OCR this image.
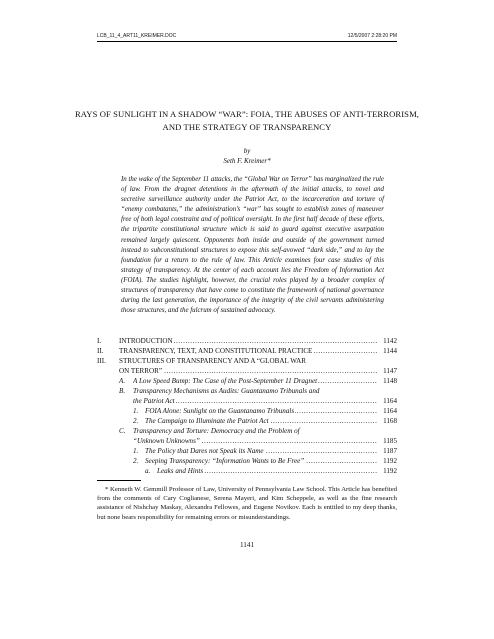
LCB_11_4_ART11_KREIMER.DOC	12/5/2007 2:28:20 PM
RAYS OF SUNLIGHT IN A SHADOW “WAR”: FOIA, THE ABUSES OF ANTI-TERRORISM, AND THE STRATEGY OF TRANSPARENCY
by
Seth F. Kreimer*

In the wake of the September 11 attacks, the “Global War on Terror” has marginalized the rule of law. From the dragnet detentions in the aftermath of the initial attacks, to novel and secretive surveillance authority under the Patriot Act, to the incarceration and torture of “enemy combatants,” the administration’s “war” has sought to establish zones of maneuver free of both legal constraint and of political oversight. In the first half decade of these efforts, the tripartite constitutional structure which is said to guard against executive usurpation remained largely quiescent. Opponents both inside and outside of the government turned instead to subconstitutional structures to expose this self-avowed “dark side,” and to lay the foundation for a return to the rule of law. This Article examines four case studies of this strategy of transparency. At the center of each account lies the Freedom of Information Act (FOIA). The studies highlight, however, the crucial roles played by a broader complex of structures of transparency that have come to constitute the framework of national governance during the last generation, the importance of the integrity of the civil servants administering those structures, and the fulcrum of sustained advocacy.

I.	INTRODUCTION .....	1142
II. TRANSPARENCY, TEXT, AND CONSTITUTIONAL PRACTICE .....	1144
III. STRUCTURES OF TRANSPARENCY AND A “GLOBAL WAR
ON TERROR” .....	1147
A. A Low Speed Bump: The Case of the Post-September 11 Dragnet .....	1148
B. Transparency Mechanisms as Audits: Guantanamo Tribunals and
the Patriot Act .....	1164
1. FOIA Alone: Sunlight on the Guantanamo Tribunals .....	1164
2. The Campaign to Illuminate the Patriot Act .....	1168
C. Transparency and Torture: Democracy and the Problem of
“Unknown Unknowns” .....	1185
1. The Policy that Dares not Speak its Name .....	1187
2. Seeping Transparency: “Information Wants to Be Free” .....	1192
a. Leaks and Hints .....	1192

* Kenneth W. Gemmill Professor of Law, University of Pennsylvania Law School. This Article has benefited from the comments of Cary Coglianese, Serena Mayeri, and Kim Scheppele, as well as the fine research assistance of Nishchay Maskay, Alexandra Fellowes, and Eugene Novikov. Each is entitled to my deep thanks, but none bears responsibility for remaining errors or misunderstandings.

1141
